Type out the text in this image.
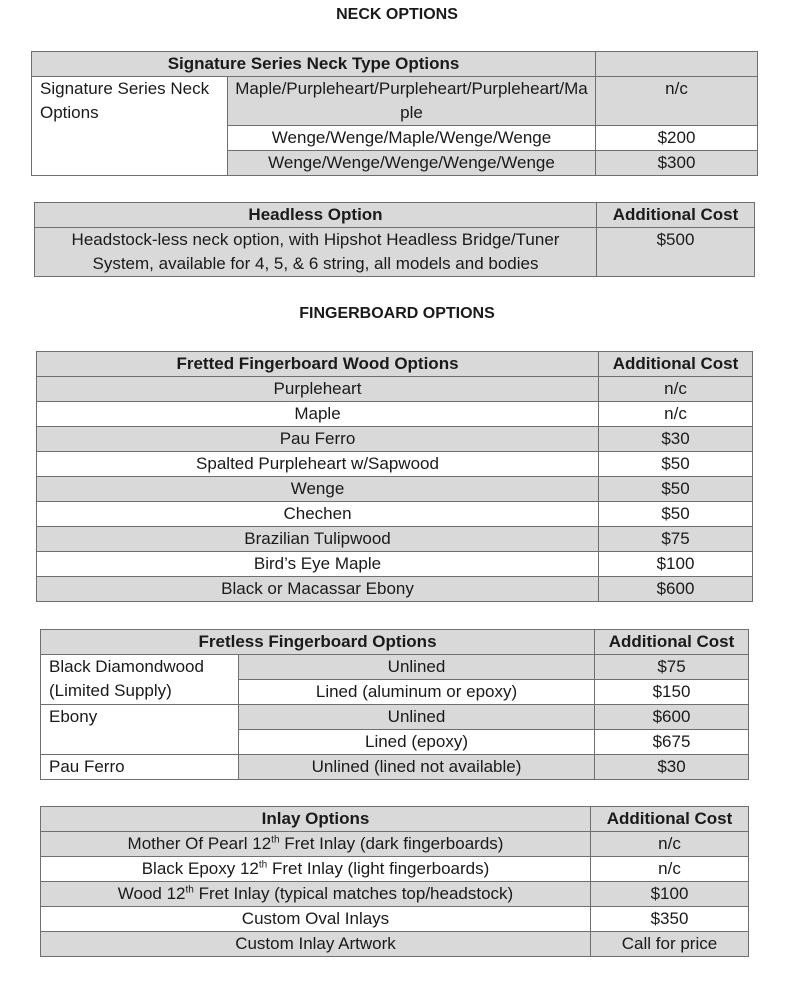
NECK OPTIONS
Signature Series Neck Type Options		
Signature Series Neck Options	Maple/Purpleheart/Purpleheart/Purpleheart/Maple	n/c
	Wenge/Wenge/Maple/Wenge/Wenge	$200
	Wenge/Wenge/Wenge/Wenge/Wenge	$300
Headless Option	Additional Cost
Headstock-less neck option, with Hipshot Headless Bridge/Tuner System, available for 4, 5, & 6 string, all models and bodies	$500
FINGERBOARD OPTIONS
Fretted Fingerboard Wood Options	Additional Cost
Purpleheart	n/c
Maple	n/c
Pau Ferro	$30
Spalted Purpleheart w/Sapwood	$50
Wenge	$50
Chechen	$50
Brazilian Tulipwood	$75
Bird’s Eye Maple	$100
Black or Macassar Ebony	$600
Fretless Fingerboard Options		Additional Cost
Black Diamondwood (Limited Supply)	Unlined	$75
	Lined (aluminum or epoxy)	$150
Ebony	Unlined	$600
	Lined (epoxy)	$675
Pau Ferro	Unlined (lined not available)	$30
Inlay Options	Additional Cost
Mother Of Pearl 12th Fret Inlay (dark fingerboards)	n/c
Black Epoxy 12th Fret Inlay (light fingerboards)	n/c
Wood 12th Fret Inlay (typical matches top/headstock)	$100
Custom Oval Inlays	$350
Custom Inlay Artwork	Call for price
